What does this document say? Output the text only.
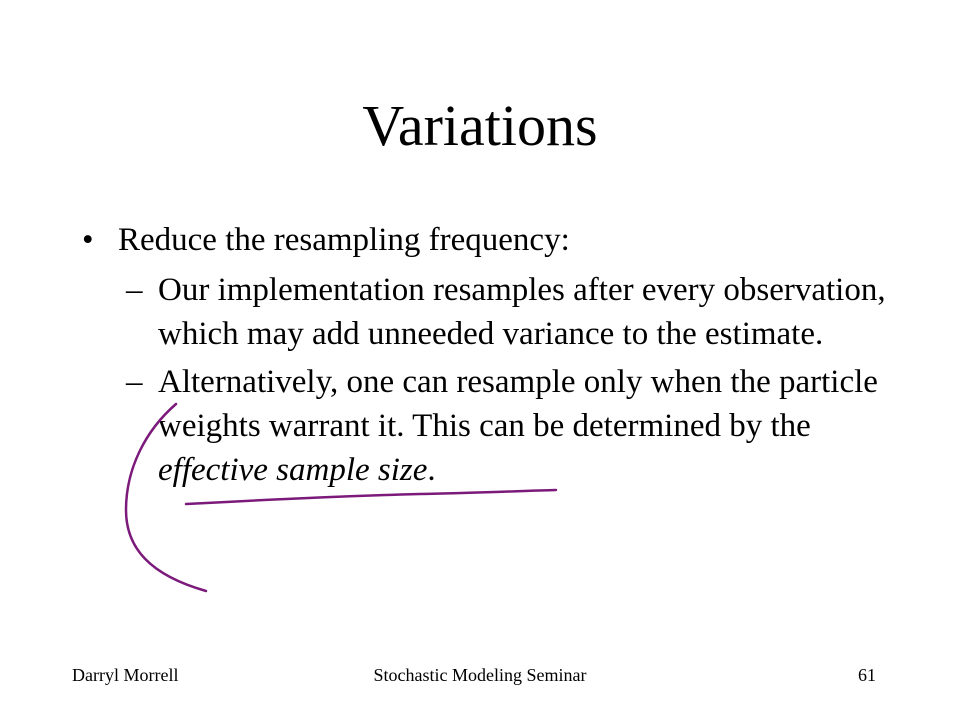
Variations
• Reduce the resampling frequency:
– Our implementation resamples after every observation, which may add unneeded variance to the estimate.
– Alternatively, one can resample only when the particle weights warrant it. This can be determined by the effective sample size.
Darryl Morrell	Stochastic Modeling Seminar	61
